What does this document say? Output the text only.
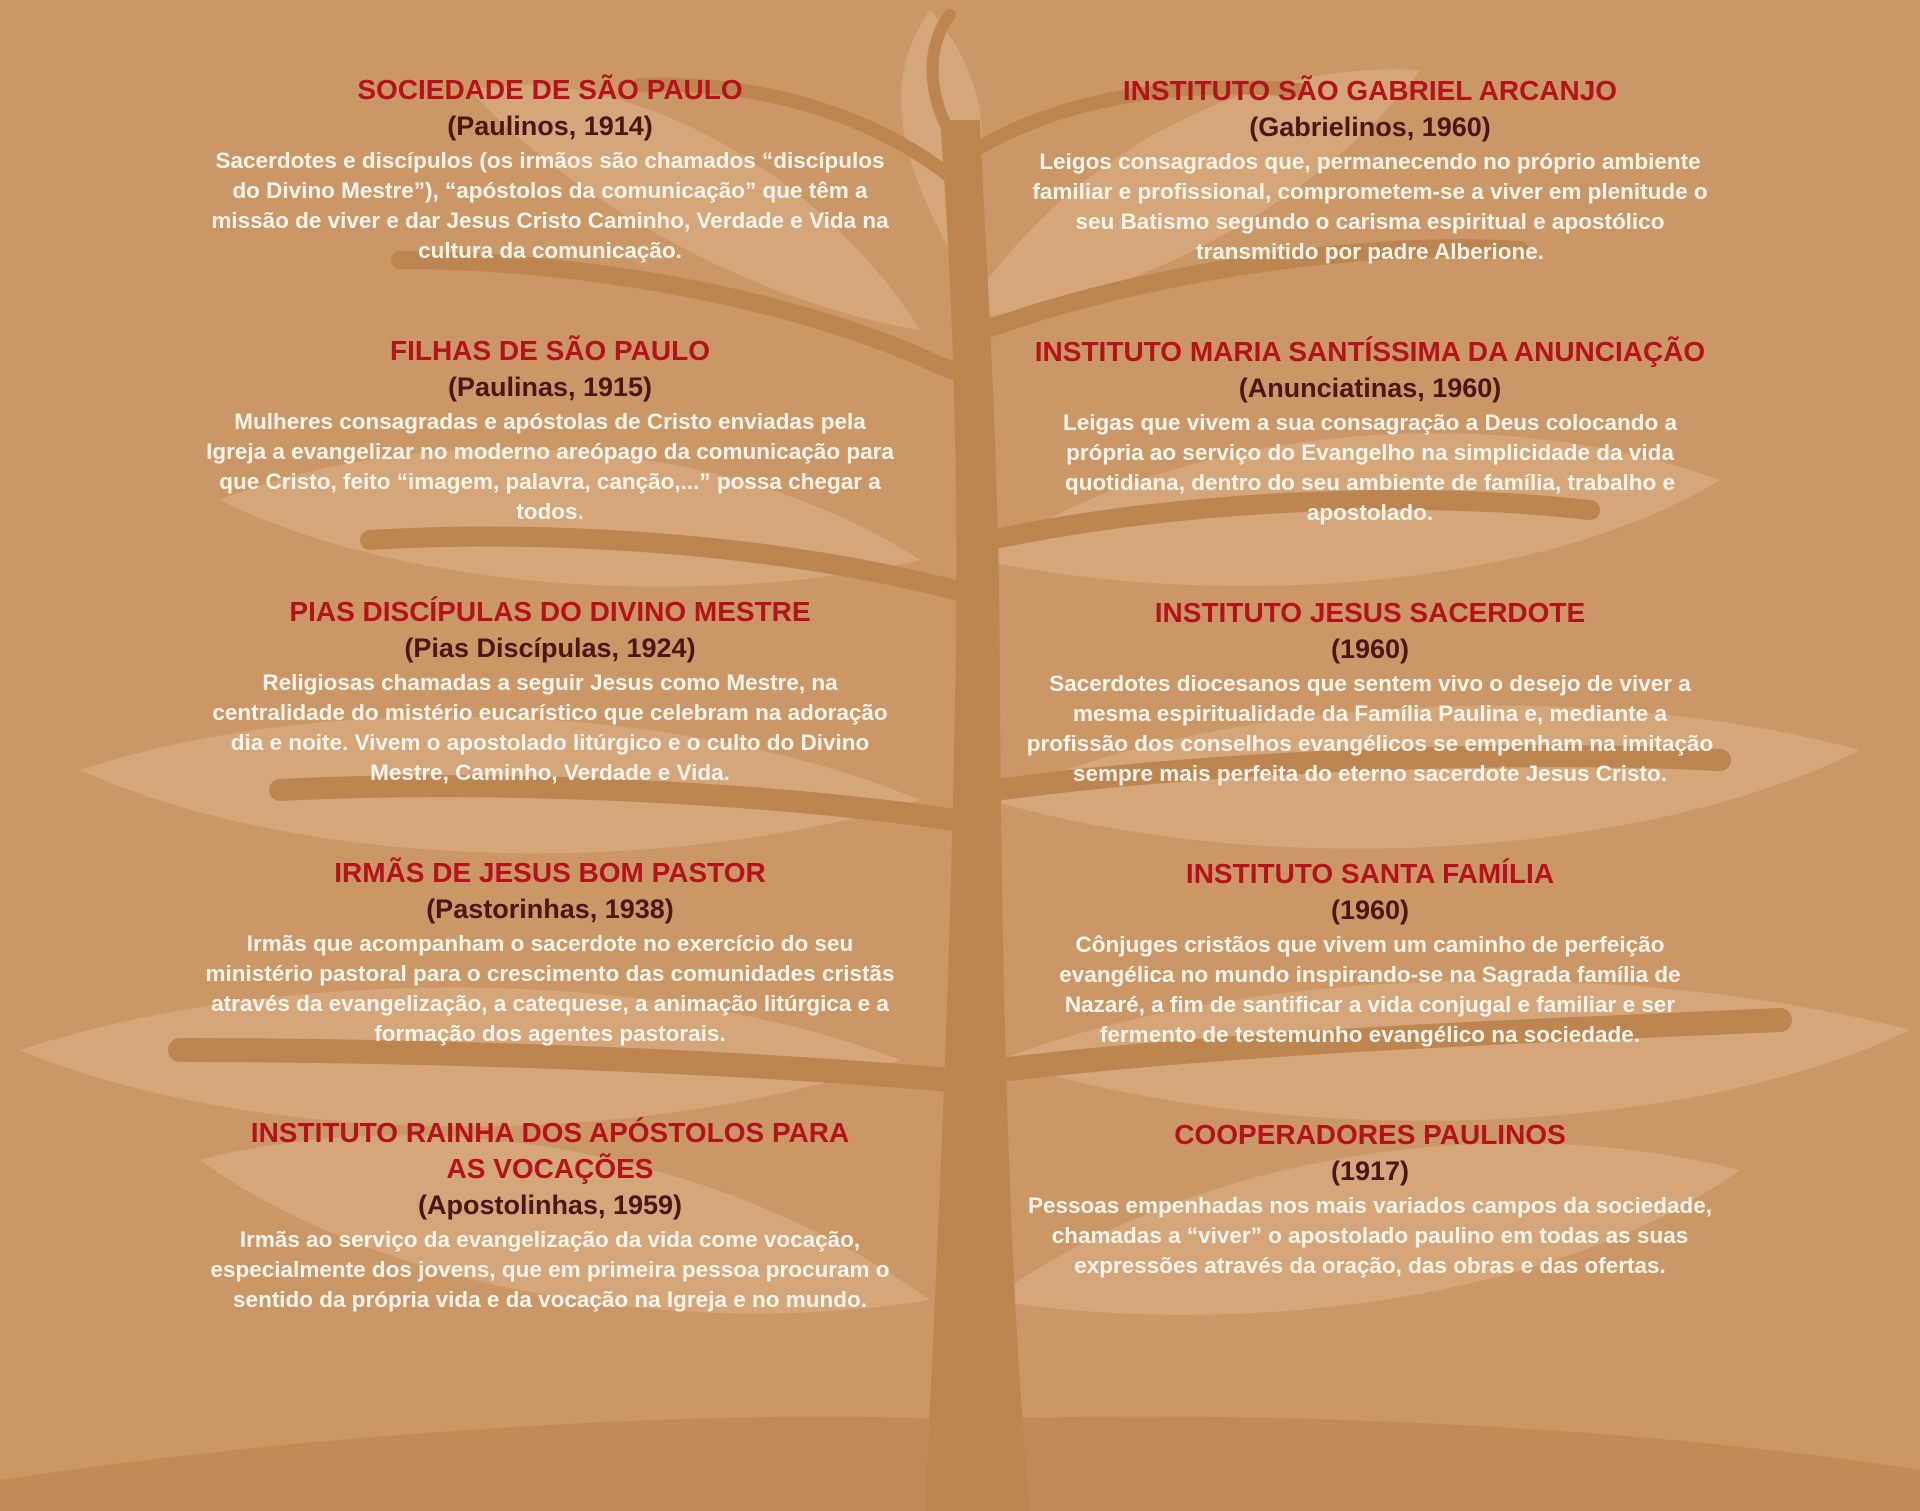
SOCIEDADE DE SÃO PAULO
(Paulinos, 1914)

Sacerdotes e discípulos (os irmãos são chamados “discípulos do Divino Mestre”), “apóstolos da comunicação” que têm a missão de viver e dar Jesus Cristo Caminho, Verdade e Vida na cultura da comunicação.

FILHAS DE SÃO PAULO
(Paulinas, 1915)

Mulheres consagradas e apóstolas de Cristo enviadas pela Igreja a evangelizar no moderno areópago da comunicação para que Cristo, feito “imagem, palavra, canção,...” possa chegar a todos.

PIAS DISCÍPULAS DO DIVINO MESTRE
(Pias Discípulas, 1924)

Religiosas chamadas a seguir Jesus como Mestre, na centralidade do mistério eucarístico que celebram na adoração dia e noite. Vivem o apostolado litúrgico e o culto do Divino Mestre, Caminho, Verdade e Vida.

IRMÃS DE JESUS BOM PASTOR
(Pastorinhas, 1938)

Irmãs que acompanham o sacerdote no exercício do seu ministério pastoral para o crescimento das comunidades cristãs através da evangelização, a catequese, a animação litúrgica e a formação dos agentes pastorais.

INSTITUTO RAINHA DOS APÓSTOLOS PARA AS VOCAÇÕES
(Apostolinhas, 1959)

Irmãs ao serviço da evangelização da vida come vocação, especialmente dos jovens, que em primeira pessoa procuram o sentido da própria vida e da vocação na Igreja e no mundo.

INSTITUTO SÃO GABRIEL ARCANJO
(Gabrielinos, 1960)

Leigos consagrados que, permanecendo no próprio ambiente familiar e profissional, comprometem-se a viver em plenitude o seu Batismo segundo o carisma espiritual e apostólico transmitido por padre Alberione.

INSTITUTO MARIA SANTÍSSIMA DA ANUNCIAÇÃO
(Anunciatinas, 1960)

Leigas que vivem a sua consagração a Deus colocando a própria ao serviço do Evangelho na simplicidade da vida quotidiana, dentro do seu ambiente de família, trabalho e apostolado.

INSTITUTO JESUS SACERDOTE
(1960)

Sacerdotes diocesanos que sentem vivo o desejo de viver a mesma espiritualidade da Família Paulina e, mediante a profissão dos conselhos evangélicos se empenham na imitação sempre mais perfeita do eterno sacerdote Jesus Cristo.

INSTITUTO SANTA FAMÍLIA
(1960)

Cônjuges cristãos que vivem um caminho de perfeição evangélica no mundo inspirando-se na Sagrada família de Nazaré, a fim de santificar a vida conjugal e familiar e ser fermento de testemunho evangélico na sociedade.

COOPERADORES PAULINOS
(1917)

Pessoas empenhadas nos mais variados campos da sociedade, chamadas a “viver” o apostolado paulino em todas as suas expressões através da oração, das obras e das ofertas.
